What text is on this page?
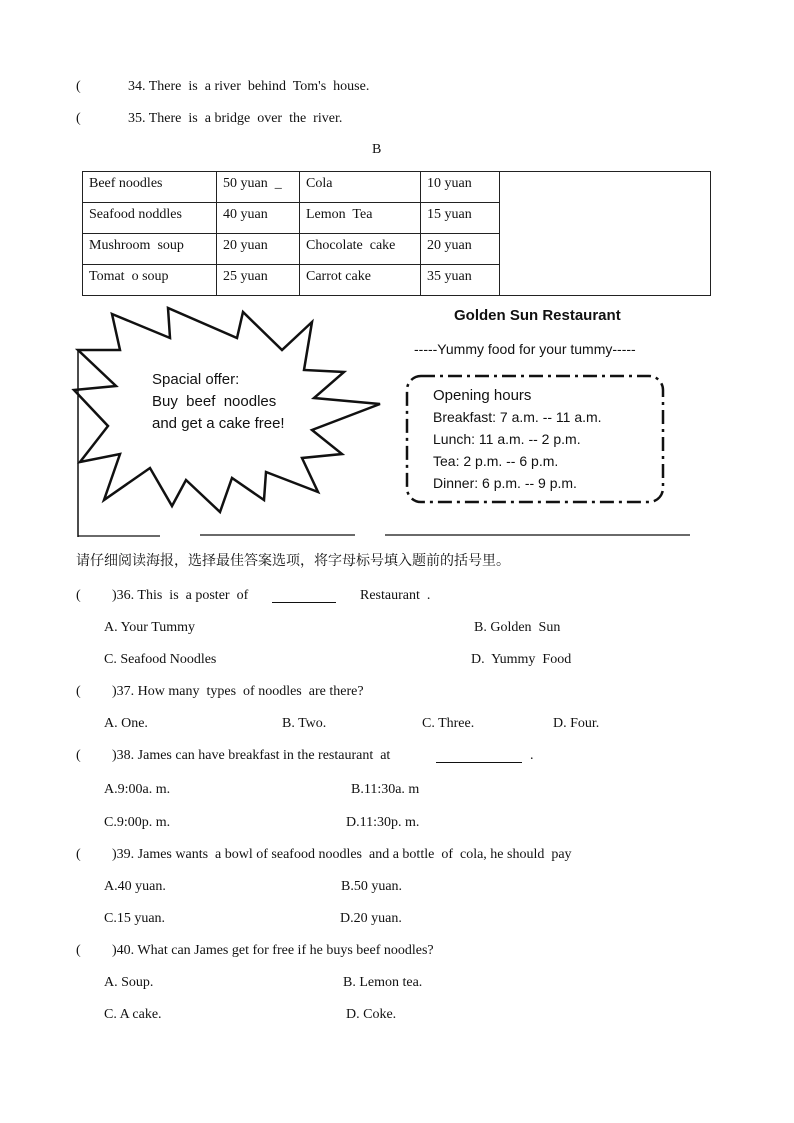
(	34. There  is  a river  behind  Tom's  house.
(	35. There  is  a bridge  over  the  river.
B
Beef noodles	50 yuan  _	Cola	10 yuan	
Seafood noddles	40 yuan	Lemon  Tea	15 yuan	
Mushroom  soup	20 yuan	Chocolate  cake	20 yuan	
Tomat  o soup	25 yuan	Carrot cake	35 yuan	
Spacial offer:
Buy  beef  noodles
and get a cake free!
Golden Sun Restaurant
-----Yummy food for your tummy-----
Opening hours
Breakfast: 7 a.m. -- 11 a.m.
Lunch: 11 a.m. -- 2 p.m.
Tea: 2 p.m. -- 6 p.m.
Dinner: 6 p.m. -- 9 p.m.
请仔细阅读海报，选择最佳答案选项，将字母标号填入题前的括号里。
( )36. This  is  a poster  of	Restaurant  .
A. Your Tummy	B. Golden  Sun
C. Seafood Noodles	D.  Yummy  Food
( )37. How many  types  of noodles  are there?
A. One.	B. Two.	C. Three.	D. Four.
( )38. James can have breakfast in the restaurant  at	.
A.9:00a. m.	B.11:30a. m
C.9:00p. m.	D.11:30p. m.
( )39. James wants  a bowl of seafood noodles  and a bottle  of  cola, he should  pay
A.40 yuan.	B.50 yuan.
C.15 yuan.	D.20 yuan.
( )40. What can James get for free if he buys beef noodles?
A. Soup.	B. Lemon tea.
C. A cake.	D. Coke.
